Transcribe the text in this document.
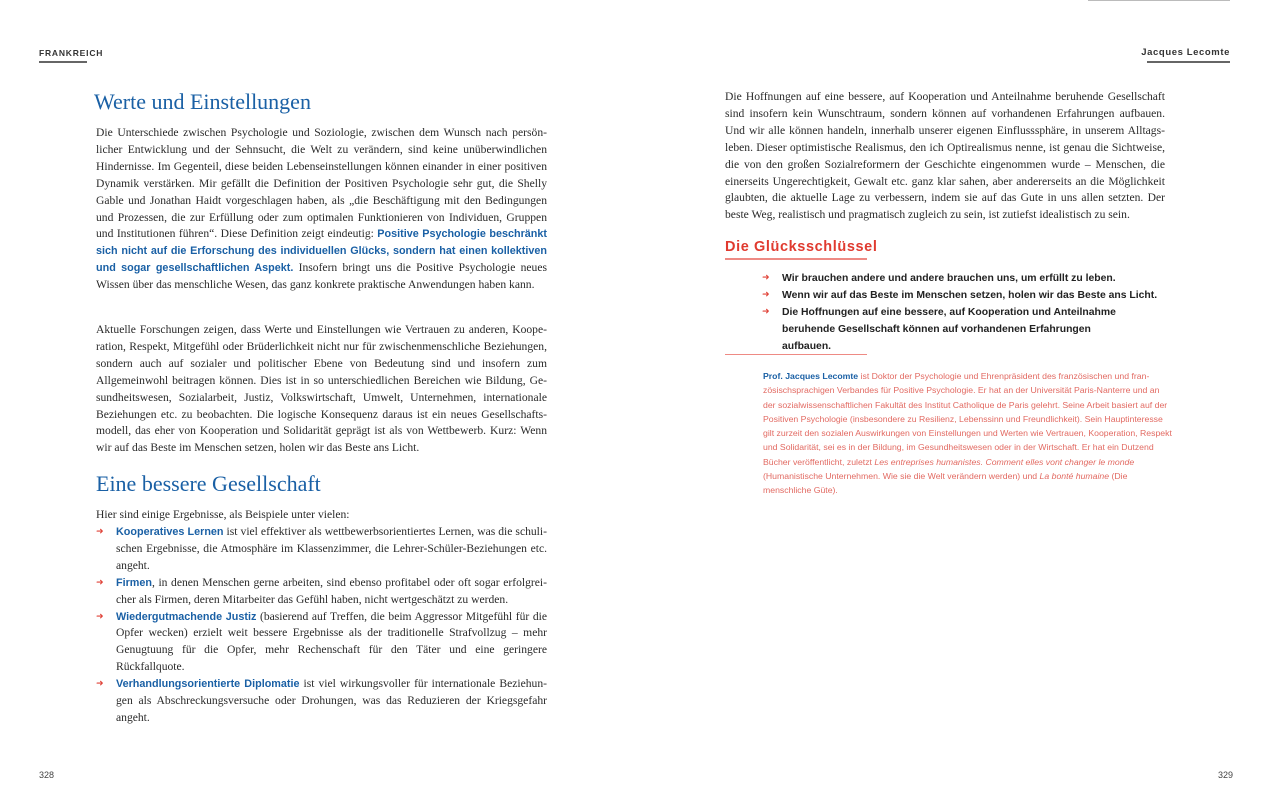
FRANKREICH
Werte und Einstellungen
Die Unterschiede zwischen Psychologie und Soziologie, zwischen dem Wunsch nach persönlicher Entwicklung und der Sehnsucht, die Welt zu verändern, sind keine unüberwindlichen Hindernisse. Im Gegenteil, diese beiden Lebenseinstellungen können einander in einer positiven Dynamik verstärken. Mir gefällt die Definition der Positiven Psychologie sehr gut, die Shelly Gable und Jonathan Haidt vorgeschlagen haben, als „die Beschäftigung mit den Bedingungen und Prozessen, die zur Erfüllung oder zum optimalen Funktionieren von Individuen, Gruppen und Institutionen führen“. Diese Definition zeigt eindeutig: Positive Psychologie beschränkt sich nicht auf die Erforschung des individuellen Glücks, sondern hat einen kollektiven und sogar gesellschaftlichen Aspekt. Insofern bringt uns die Positive Psychologie neues Wissen über das menschliche Wesen, das ganz konkrete praktische Anwendungen haben kann.
Aktuelle Forschungen zeigen, dass Werte und Einstellungen wie Vertrauen zu anderen, Kooperation, Respekt, Mitgefühl oder Brüderlichkeit nicht nur für zwischenmenschliche Beziehungen, sondern auch auf sozialer und politischer Ebene von Bedeutung sind und insofern zum Allgemeinwohl beitragen können. Dies ist in so unterschiedlichen Bereichen wie Bildung, Gesundheitswesen, Sozialarbeit, Justiz, Volkswirtschaft, Umwelt, Unternehmen, internationale Beziehungen etc. zu beobachten. Die logische Konsequenz daraus ist ein neues Gesellschaftsmodell, das eher von Kooperation und Solidarität geprägt ist als von Wettbewerb. Kurz: Wenn wir auf das Beste im Menschen setzen, holen wir das Beste ans Licht.
Eine bessere Gesellschaft
Hier sind einige Ergebnisse, als Beispiele unter vielen:
➜ Kooperatives Lernen ist viel effektiver als wettbewerbsorientiertes Lernen, was die schulischen Ergebnisse, die Atmosphäre im Klassenzimmer, die Lehrer-Schüler-Beziehungen etc. angeht.
➜ Firmen, in denen Menschen gerne arbeiten, sind ebenso profitabel oder oft sogar erfolgreicher als Firmen, deren Mitarbeiter das Gefühl haben, nicht wertgeschätzt zu werden.
➜ Wiedergutmachende Justiz (basierend auf Treffen, die beim Aggressor Mitgefühl für die Opfer wecken) erzielt weit bessere Ergebnisse als der traditionelle Strafvollzug – mehr Genugtuung für die Opfer, mehr Rechenschaft für den Täter und eine geringere Rückfallquote.
➜ Verhandlungsorientierte Diplomatie ist viel wirkungsvoller für internationale Beziehungen als Abschreckungsversuche oder Drohungen, was das Reduzieren der Kriegsgefahr angeht.
328
Jacques Lecomte
Die Hoffnungen auf eine bessere, auf Kooperation und Anteilnahme beruhende Gesellschaft sind insofern kein Wunschtraum, sondern können auf vorhandenen Erfahrungen aufbauen. Und wir alle können handeln, innerhalb unserer eigenen Einflusssphäre, in unserem Alltagsleben. Dieser optimistische Realismus, den ich Optirealismus nenne, ist genau die Sichtweise, die von den großen Sozialreformern der Geschichte eingenommen wurde – Menschen, die einerseits Ungerechtigkeit, Gewalt etc. ganz klar sahen, aber andererseits an die Möglichkeit glaubten, die aktuelle Lage zu verbessern, indem sie auf das Gute in uns allen setzten. Der beste Weg, realistisch und pragmatisch zugleich zu sein, ist zutiefst idealistisch zu sein.
Die Glücksschlüssel
➜ Wir brauchen andere und andere brauchen uns, um erfüllt zu leben.
➜ Wenn wir auf das Beste im Menschen setzen, holen wir das Beste ans Licht.
➜ Die Hoffnungen auf eine bessere, auf Kooperation und Anteilnahme beruhende Gesellschaft können auf vorhandenen Erfahrungen aufbauen.
Prof. Jacques Lecomte ist Doktor der Psychologie und Ehrenpräsident des französischen und französischsprachigen Verbandes für Positive Psychologie. Er hat an der Universität Paris-Nanterre und an der sozialwissenschaftlichen Fakultät des Institut Catholique de Paris gelehrt. Seine Arbeit basiert auf der Positiven Psychologie (insbesondere zu Resilienz, Lebenssinn und Freundlichkeit). Sein Hauptinteresse gilt zurzeit den sozialen Auswirkungen von Einstellungen und Werten wie Vertrauen, Kooperation, Respekt und Solidarität, sei es in der Bildung, im Gesundheitswesen oder in der Wirtschaft. Er hat ein Dutzend Bücher veröffentlicht, zuletzt Les entreprises humanistes. Comment elles vont changer le monde (Humanistische Unternehmen. Wie sie die Welt verändern werden) und La bonté humaine (Die menschliche Güte).
329
